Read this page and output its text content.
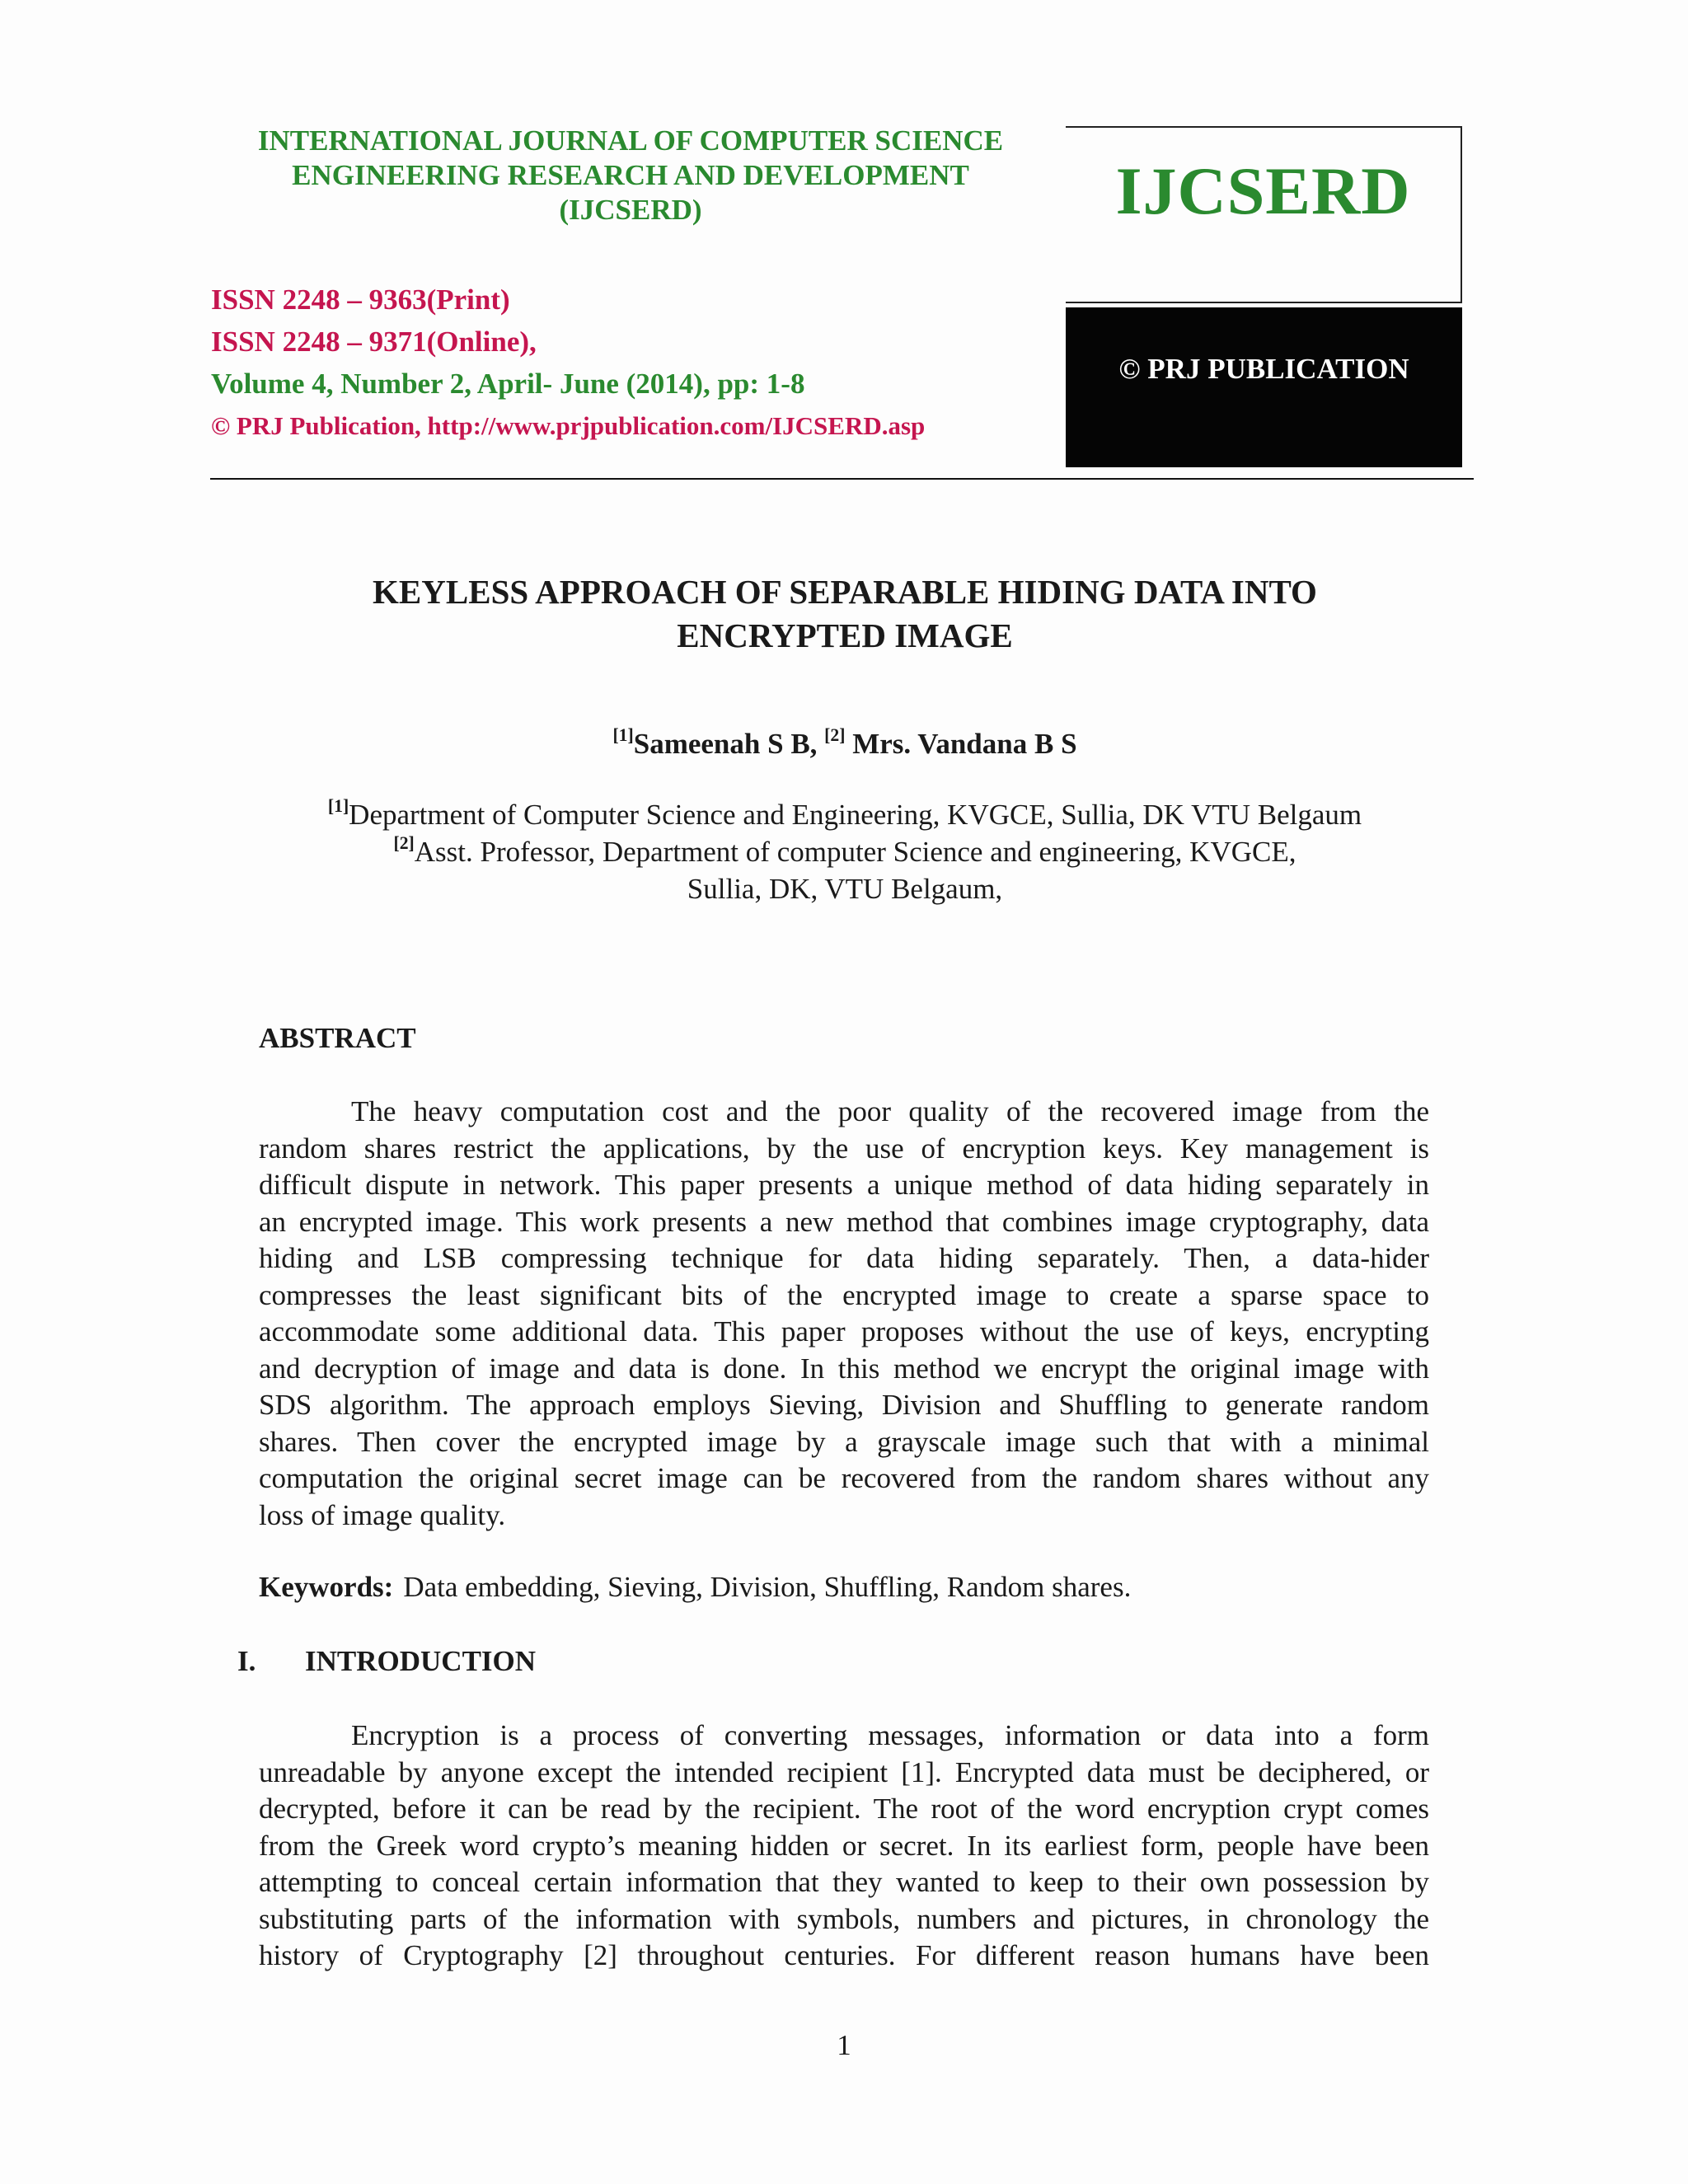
INTERNATIONAL JOURNAL OF COMPUTER SCIENCE
ENGINEERING RESEARCH AND DEVELOPMENT
(IJCSERD)
ISSN 2248 – 9363(Print)
ISSN 2248 – 9371(Online),
Volume 4, Number 2, April- June (2014), pp: 1-8
© PRJ Publication, http://www.prjpublication.com/IJCSERD.asp
IJCSERD
© PRJ PUBLICATION
KEYLESS APPROACH OF SEPARABLE HIDING DATA INTO
ENCRYPTED IMAGE
[1]Sameenah S B, [2] Mrs. Vandana B S
[1]Department of Computer Science and Engineering, KVGCE, Sullia, DK VTU Belgaum
[2]Asst. Professor, Department of computer Science and engineering, KVGCE,
Sullia, DK, VTU Belgaum,
ABSTRACT
The heavy computation cost and the poor quality of the recovered image from the
random shares restrict the applications, by the use of encryption keys. Key management is
difficult dispute in network. This paper presents a unique method of data hiding separately in
an encrypted image. This work presents a new method that combines image cryptography, data
hiding and LSB compressing technique for data hiding separately. Then, a data-hider
compresses the least significant bits of the encrypted image to create a sparse space to
accommodate some additional data. This paper proposes without the use of keys, encrypting
and decryption of image and data is done. In this method we encrypt the original image with
SDS algorithm. The approach employs Sieving, Division and Shuffling to generate random
shares. Then cover the encrypted image by a grayscale image such that with a minimal
computation the original secret image can be recovered from the random shares without any
loss of image quality.
Keywords: Data embedding, Sieving, Division, Shuffling, Random shares.
I. INTRODUCTION
Encryption is a process of converting messages, information or data into a form
unreadable by anyone except the intended recipient [1]. Encrypted data must be deciphered, or
decrypted, before it can be read by the recipient. The root of the word encryption crypt comes
from the Greek word crypto’s meaning hidden or secret. In its earliest form, people have been
attempting to conceal certain information that they wanted to keep to their own possession by
substituting parts of the information with symbols, numbers and pictures, in chronology the
history of Cryptography [2] throughout centuries. For different reason humans have been
1
